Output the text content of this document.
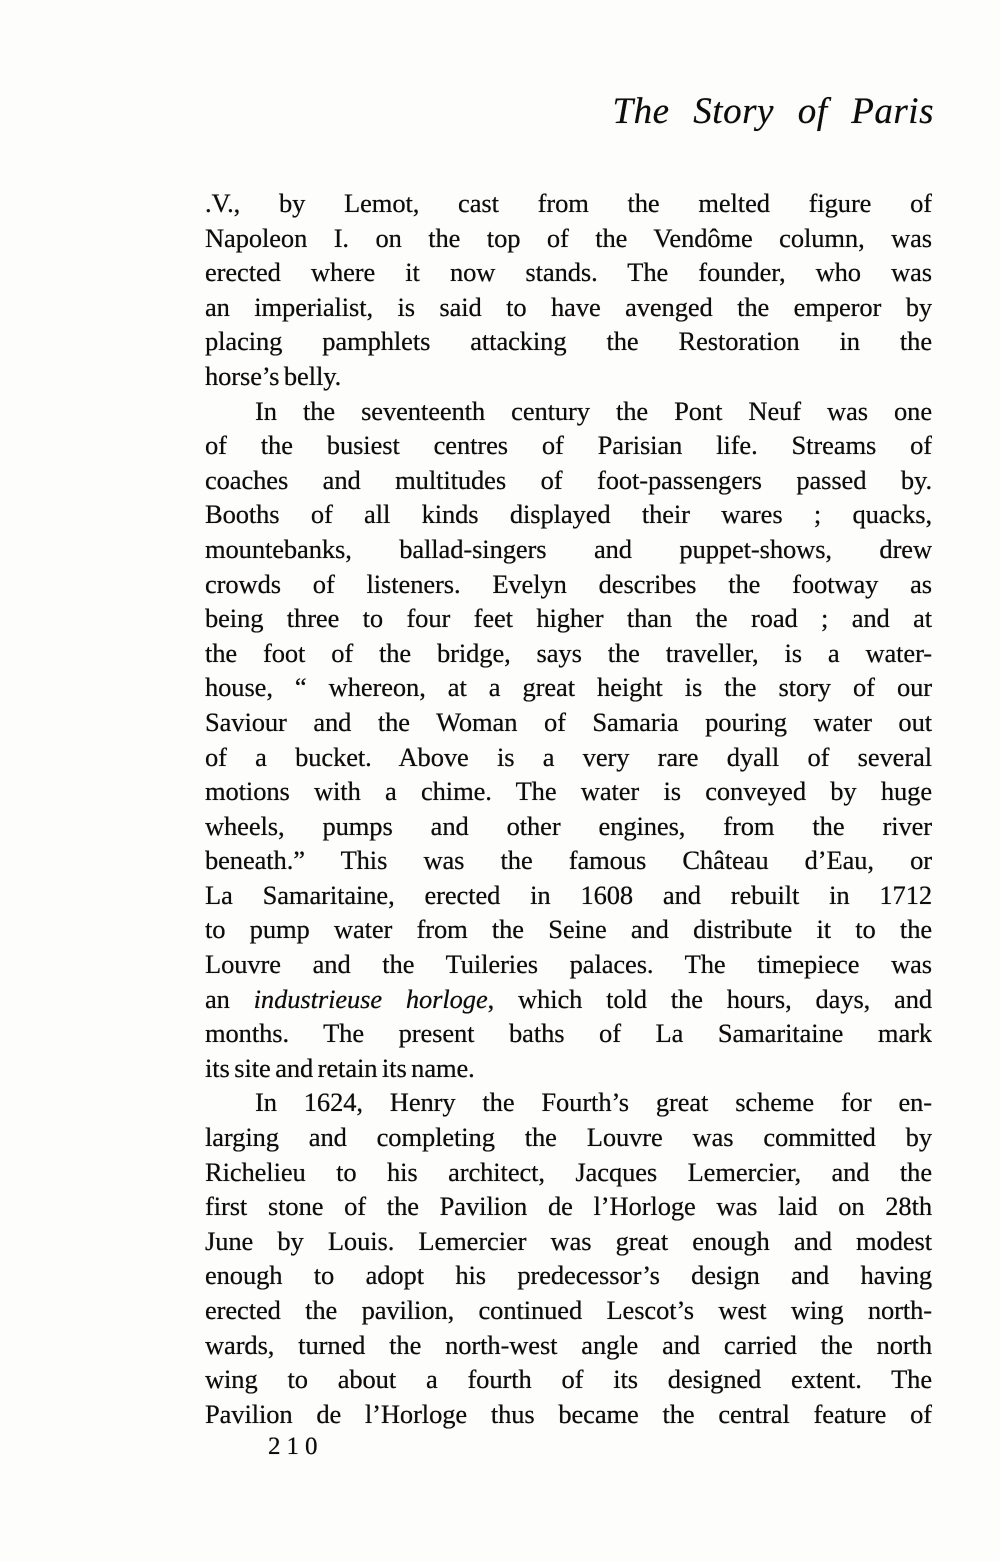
The Story of Paris
.V., by Lemot, cast from the melted figure of
Napoleon I. on the top of the Vendôme column, was
erected where it now stands. The founder, who was
an imperialist, is said to have avenged the emperor by
placing pamphlets attacking the Restoration in the
horse’s belly.
In the seventeenth century the Pont Neuf was one
of the busiest centres of Parisian life. Streams of
coaches and multitudes of foot-passengers passed by.
Booths of all kinds displayed their wares ; quacks,
mountebanks, ballad-singers and puppet-shows, drew
crowds of listeners. Evelyn describes the footway as
being three to four feet higher than the road ; and at
the foot of the bridge, says the traveller, is a water-
house, “ whereon, at a great height is the story of our
Saviour and the Woman of Samaria pouring water out
of a bucket. Above is a very rare dyall of several
motions with a chime. The water is conveyed by huge
wheels, pumps and other engines, from the river
beneath.” This was the famous Château d’Eau, or
La Samaritaine, erected in 1608 and rebuilt in 1712
to pump water from the Seine and distribute it to the
Louvre and the Tuileries palaces. The timepiece was
an industrieuse horloge, which told the hours, days, and
months. The present baths of La Samaritaine mark
its site and retain its name.
In 1624, Henry the Fourth’s great scheme for en-
larging and completing the Louvre was committed by
Richelieu to his architect, Jacques Lemercier, and the
first stone of the Pavilion de l’Horloge was laid on 28th
June by Louis. Lemercier was great enough and modest
enough to adopt his predecessor’s design and having
erected the pavilion, continued Lescot’s west wing north-
wards, turned the north-west angle and carried the north
wing to about a fourth of its designed extent. The
Pavilion de l’Horloge thus became the central feature of
210
